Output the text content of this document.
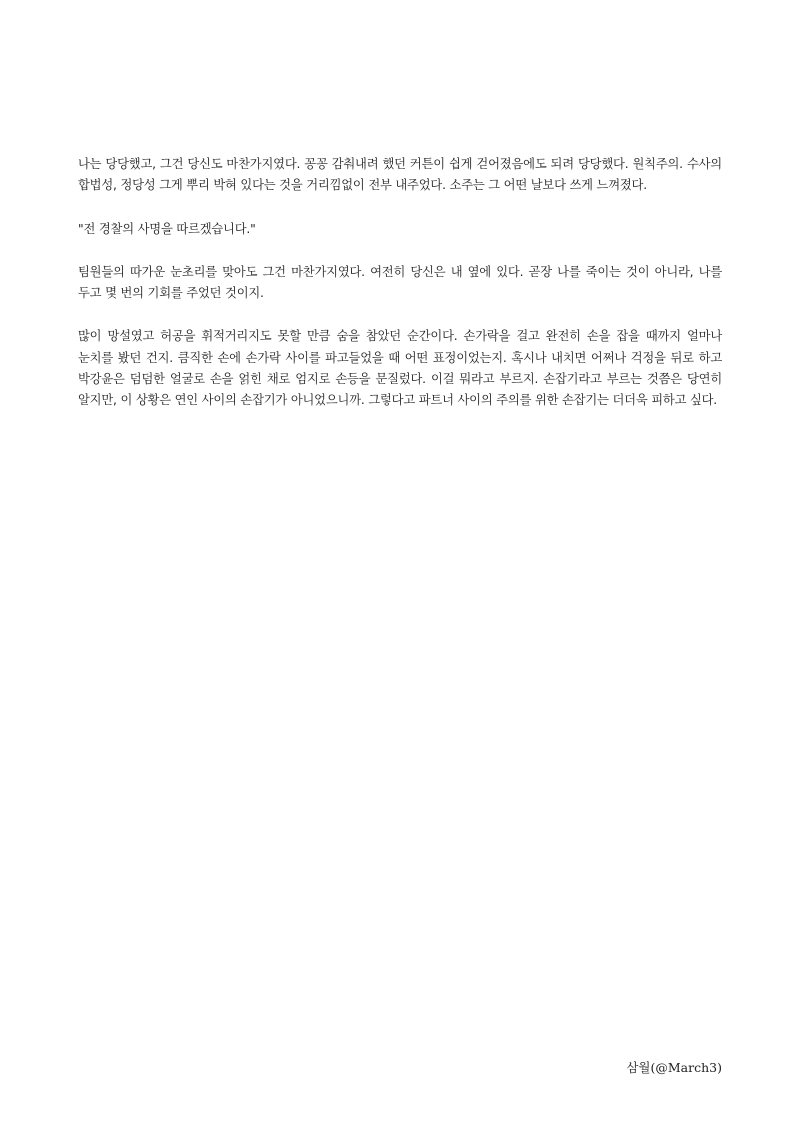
나는 당당했고, 그건 당신도 마찬가지였다. 꽁꽁 감춰내려 했던 커튼이 쉽게 걷어졌음에도 되려 당당했다. 원칙주의. 수사의 합법성, 정당성 그게 뿌리 박혀 있다는 것을 거리낌없이 전부 내주었다. 소주는 그 어떤 날보다 쓰게 느껴졌다.

"전 경찰의 사명을 따르겠습니다."

팀원들의 따가운 눈초리를 맞아도 그건 마찬가지였다. 여전히 당신은 내 옆에 있다. 곧장 나를 죽이는 것이 아니라, 나를 두고 몇 번의 기회를 주었던 것이지.

많이 망설였고 허공을 휘적거리지도 못할 만큼 숨을 참았던 순간이다. 손가락을 걸고 완전히 손을 잡을 때까지 얼마나 눈치를 봤던 건지. 큼직한 손에 손가락 사이를 파고들었을 때 어떤 표정이었는지. 혹시나 내치면 어쩌나 걱정을 뒤로 하고 박강윤은 덤덤한 얼굴로 손을 얽힌 채로 엄지로 손등을 문질렀다. 이걸 뭐라고 부르지. 손잡기라고 부르는 것쯤은 당연히 알지만, 이 상황은 연인 사이의 손잡기가 아니었으니까. 그렇다고 파트너 사이의 주의를 위한 손잡기는 더더욱 피하고 싶다.

삼월(@March3)
